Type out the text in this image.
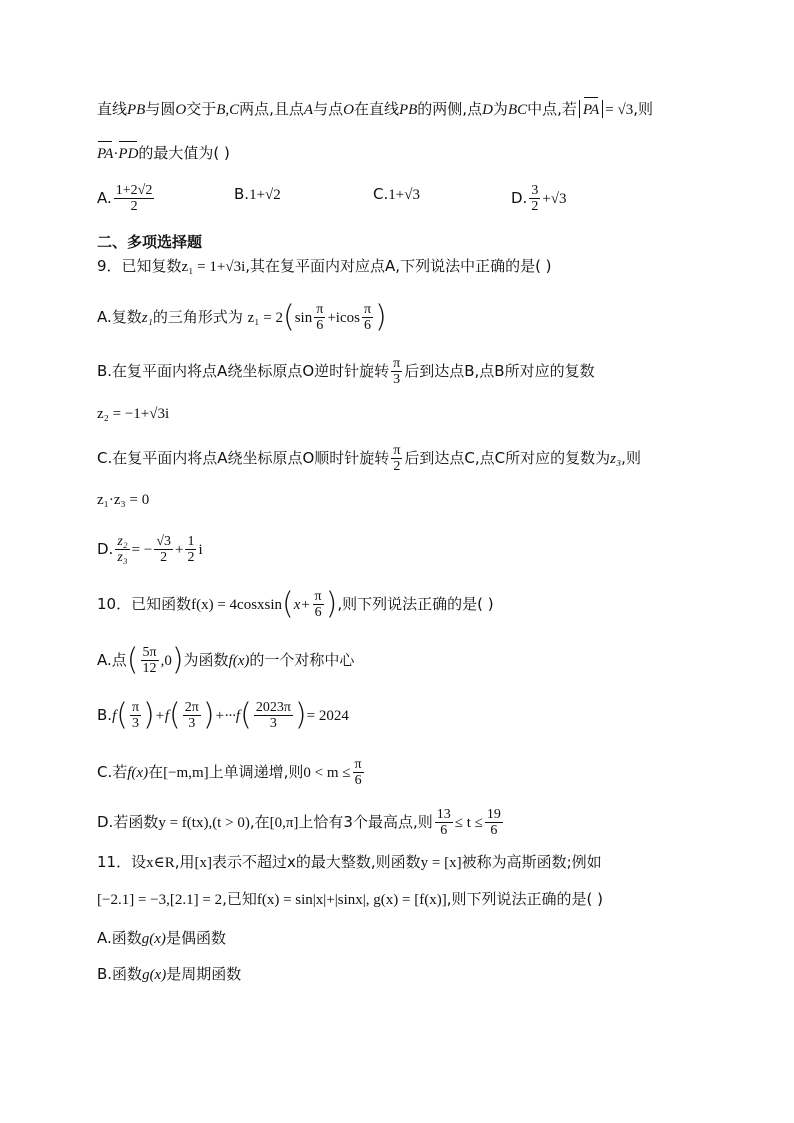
直线PB与圆O交于B,C两点,且点A与点O在直线PB的两侧,点D为BC中点,若 PA = √3,则
PA·PD的最大值为( )
A. $\frac{1+2√2}{2}$	B.1+√2	C.1+√3	D. $\frac{3}{2} +√3$
二、多项选择题
9．已知复数z₁ = 1+√3i,其在复平面内对应点A,下列说法中正确的是( )
A.复数z₁的三角形式为 $z_1 = 2(\sin \frac{\pi}{6} +icos \frac{\pi}{6}$ )
B.在复平面内将点A绕坐标原点O逆时针旋转 $\frac{\pi}{3}$ 后到达点B,点B所对应的复数
z₂ = −1+√3i
C.在复平面内将点A绕坐标原点O顺时针旋转 $\frac{\pi}{2}$ 后到达点C,点C所对应的复数为z₃,则
z₁·z₃ = 0
D. $\frac{\text{z₂}}{\text{z₃}}$ = − $\frac{√3}{2} + \frac{1}{2}$ i
10．已知函数f(x) = 4cosxsin(x+ $\frac{\pi}{6}$ ),则下列说法正确的是( )
A.点( $\frac{5\pi}{12} ,0$)为函数f(x)的一个对称中心
$B.f( \frac{\pi}{3} )+f( \frac{2\pi}{3} )+\cdot\cdot\cdot f( \frac{2023\pi}{3}$ )= 2024
C.若f(x)在[−m,m]上单调递增,则$0 < m \le \frac{\pi}{6}$
D.若函数y = f(tx),(t > 0),在[0,π]上恰有3个最高点,则 $\frac{13}{6} \le t \le \frac{19}{6}$
11．设x∈R,用[x]表示不超过x的最大整数,则函数y = [x]被称为高斯函数;例如
[−2.1] = −3,[2.1] = 2,已知f(x) = sin|x|+|sinx|, g(x) = [f(x)],则下列说法正确的是( )
A.函数g(x)是偶函数
B.函数g(x)是周期函数
